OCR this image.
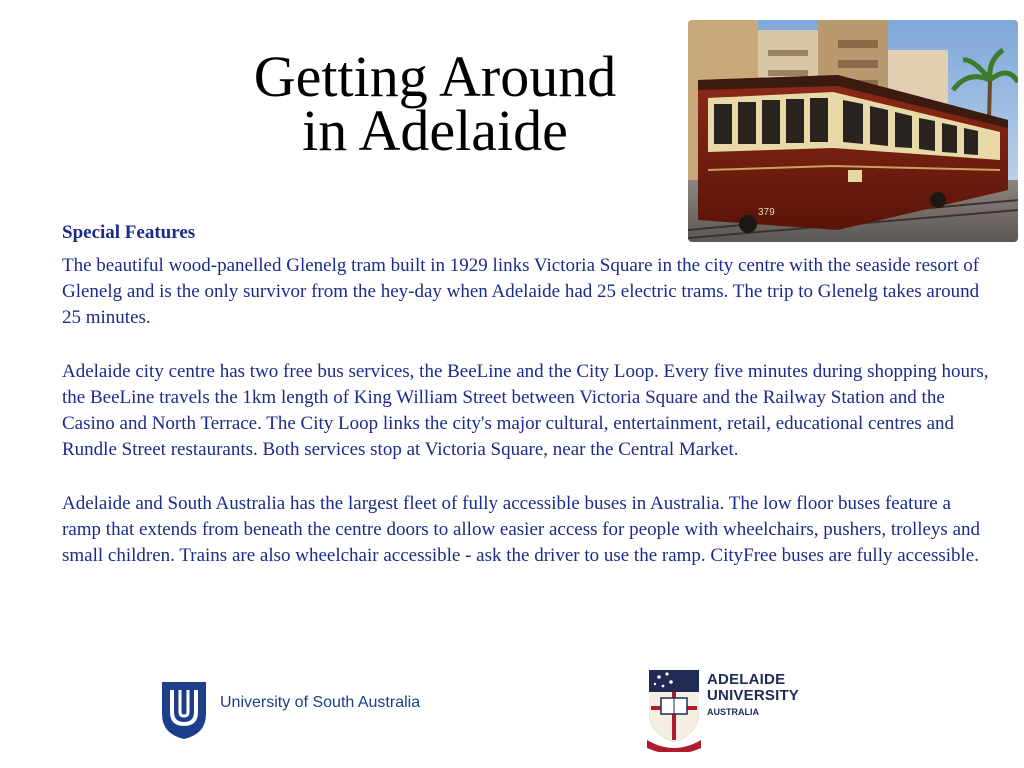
Getting Around
in Adelaide
379

Special Features

The beautiful wood-panelled Glenelg tram built in 1929 links Victoria Square in the city centre with the seaside resort of Glenelg and is the only survivor from the hey-day when Adelaide had 25 electric trams. The trip to Glenelg takes around 25 minutes.

Adelaide city centre has two free bus services, the BeeLine and the City Loop. Every five minutes during shopping hours, the BeeLine travels the 1km length of King William Street between Victoria Square and the Railway Station and the Casino and North Terrace. The City Loop links the city's major cultural, entertainment, retail, educational centres and Rundle Street restaurants. Both services stop at Victoria Square, near the Central Market.

Adelaide and South Australia has the largest fleet of fully accessible buses in Australia. The low floor buses feature a ramp that extends from beneath the centre doors to allow easier access for people with wheelchairs, pushers, trolleys and small children. Trains are also wheelchair accessible - ask the driver to use the ramp. CityFree buses are fully accessible.

University of South Australia
ADELAIDE
UNIVERSITY
AUSTRALIA
